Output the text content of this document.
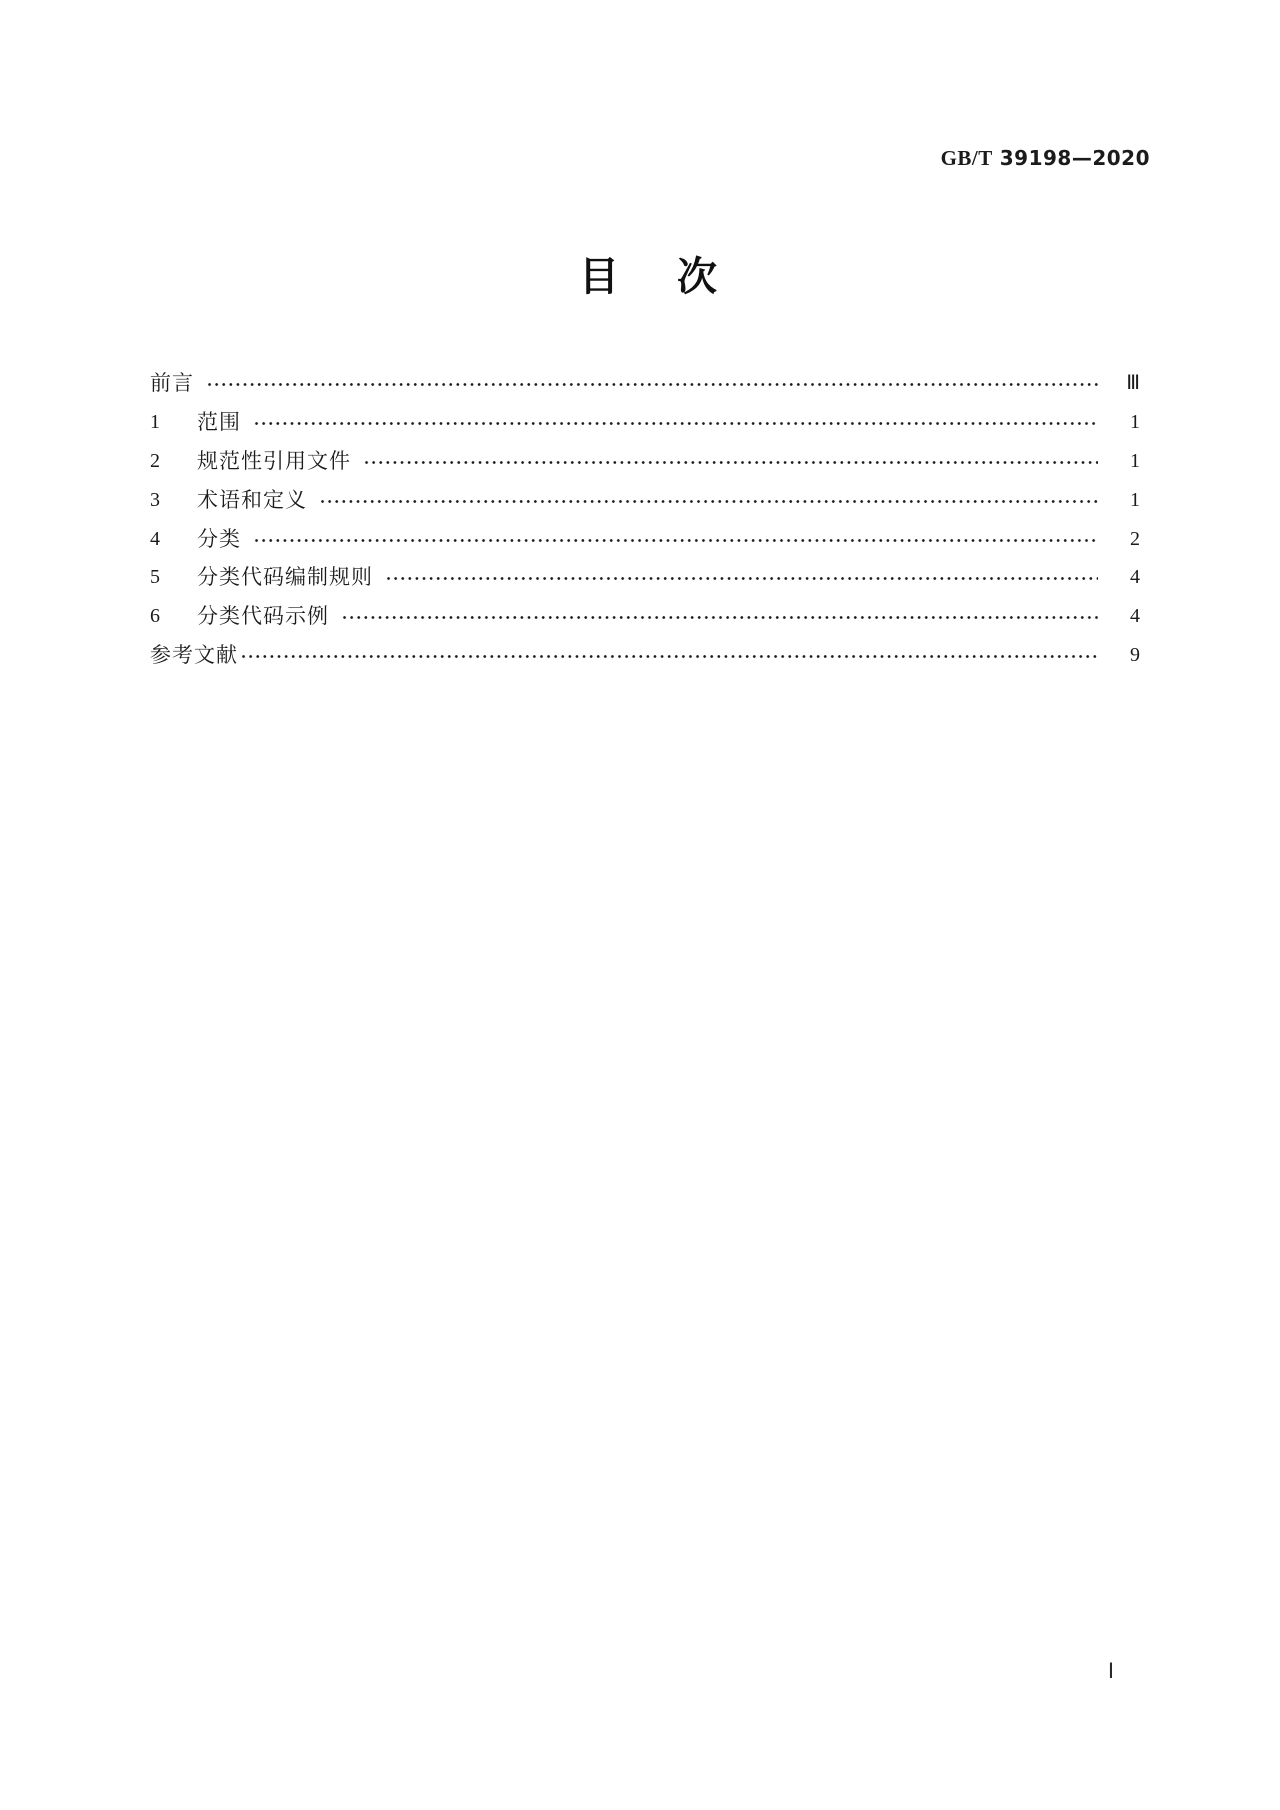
GB/T 39198—2020
目 次
前言	Ⅲ
1	范围	1
2	规范性引用文件	1
3	术语和定义	1
4	分类	2
5	分类代码编制规则	4
6	分类代码示例	4
参考文献	9
Ⅰ
